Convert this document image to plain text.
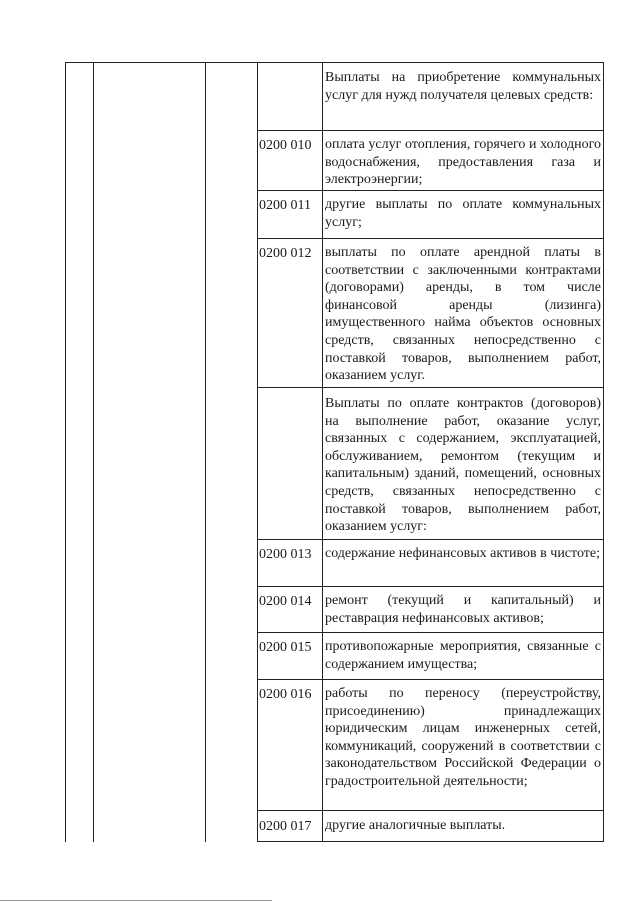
Выплаты на приобретение коммунальных услуг для нужд получателя целевых средств:
0200 010 оплата услуг отопления, горячего и холодного водоснабжения, предоставления газа и электроэнергии;
0200 011	другие выплаты по оплате коммунальных услуг;
0200 012 выплаты по оплате арендной платы в соответствии с заключенными контрактами (договорами) аренды, в том числе финансовой аренды (лизинга) имущественного найма объектов основных средств, связанных непосредственно с поставкой товаров, выполнением работ, оказанием услуг.
Выплаты по оплате контрактов (договоров) на выполнение работ, оказание услуг, связанных с содержанием, эксплуатацией, обслуживанием, ремонтом (текущим и капитальным) зданий, помещений, основных средств, связанных непосредственно с поставкой товаров, выполнением работ, оказанием услуг:
0200 013 содержание нефинансовых активов в чистоте;
0200 014 ремонт (текущий и капитальный) и реставрация нефинансовых активов;
0200 015 противопожарные мероприятия, связанные с содержанием имущества;
0200 016 работы по переносу (переустройству, присоединению) принадлежащих юридическим лицам инженерных сетей, коммуникаций, сооружений в соответствии с законодательством Российской Федерации о градостроительной деятельности;
0200 017 другие аналогичные выплаты.
